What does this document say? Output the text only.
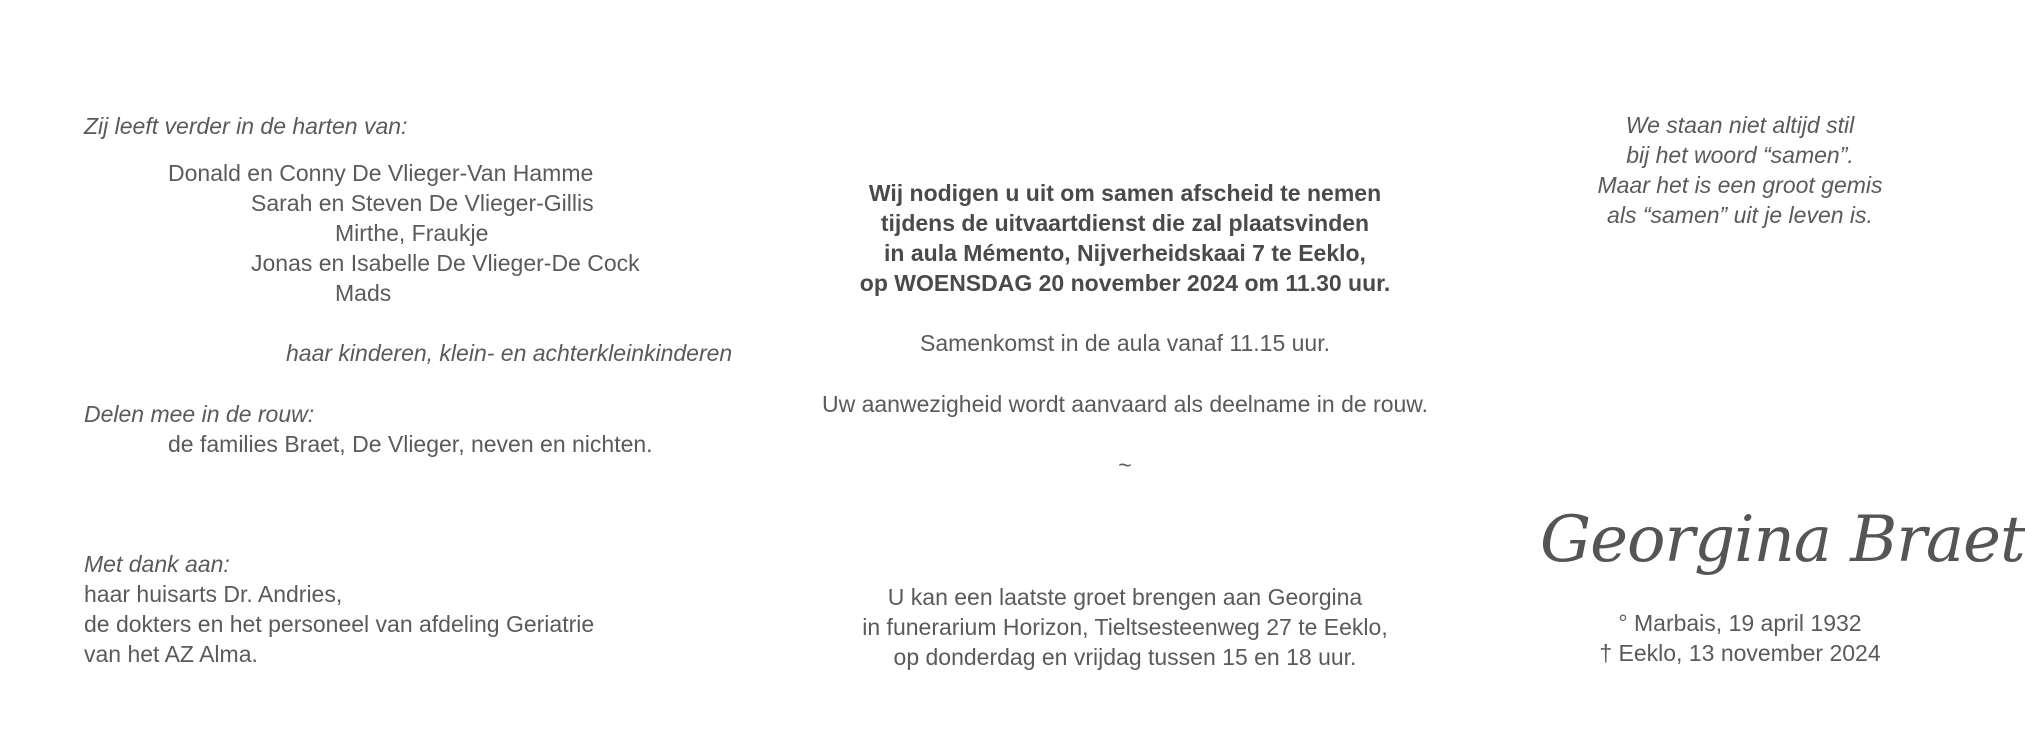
Zij leeft verder in de harten van:
Donald en Conny De Vlieger-Van Hamme
Sarah en Steven De Vlieger-Gillis
Mirthe, Fraukje
Jonas en Isabelle De Vlieger-De Cock
Mads
haar kinderen, klein- en achterkleinkinderen
Delen mee in de rouw:
de families Braet, De Vlieger, neven en nichten.
Met dank aan:
haar huisarts Dr. Andries,
de dokters en het personeel van afdeling Geriatrie
van het AZ Alma.
Wij nodigen u uit om samen afscheid te nemen
tijdens de uitvaartdienst die zal plaatsvinden
in aula Mémento, Nijverheidskaai 7 te Eeklo,
op WOENSDAG 20 november 2024 om 11.30 uur.
Samenkomst in de aula vanaf 11.15 uur.
Uw aanwezigheid wordt aanvaard als deelname in de rouw.
~
U kan een laatste groet brengen aan Georgina
in funerarium Horizon, Tieltsesteenweg 27 te Eeklo,
op donderdag en vrijdag tussen 15 en 18 uur.
We staan niet altijd stil
bij het woord “samen”.
Maar het is een groot gemis
als “samen” uit je leven is.
Georgina Braet
° Marbais, 19 april 1932
† Eeklo, 13 november 2024
